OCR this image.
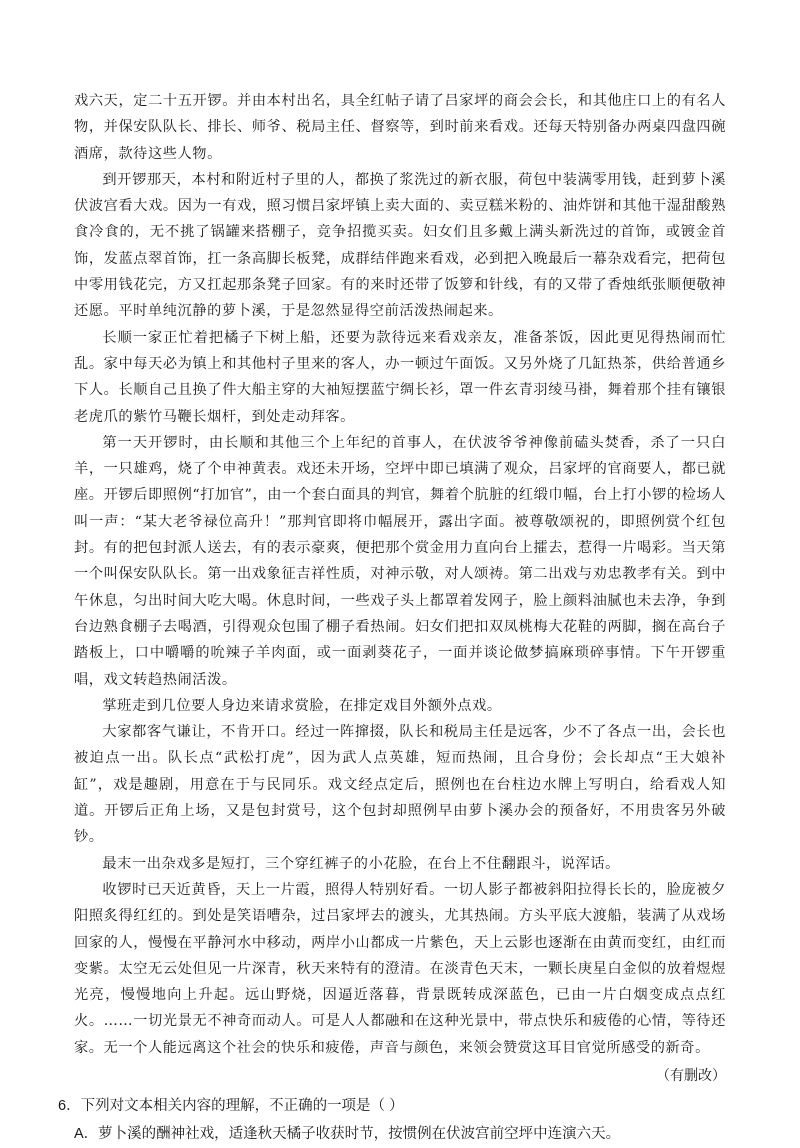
戏六天，定二十五开锣。并由本村出名，具全红帖子请了吕家坪的商会会长，和其他庄口上的有名人物，并保安队队长、排长、师爷、税局主任、督察等，到时前来看戏。还每天特别备办两桌四盘四碗酒席，款待这些人物。

到开锣那天，本村和附近村子里的人，都换了浆洗过的新衣服，荷包中装满零用钱，赶到萝卜溪伏波宫看大戏。因为一有戏，照习惯吕家坪镇上卖大面的、卖豆糕米粉的、油炸饼和其他干湿甜酸熟食冷食的，无不挑了锅罐来搭棚子，竞争招揽买卖。妇女们且多戴上满头新洗过的首饰，或镀金首饰，发蓝点翠首饰，扛一条高脚长板凳，成群结伴跑来看戏，必到把入晚最后一幕杂戏看完，把荷包中零用钱花完，方又扛起那条凳子回家。有的来时还带了饭箩和针线，有的又带了香烛纸张顺便敬神还愿。平时单纯沉静的萝卜溪，于是忽然显得空前活泼热闹起来。

长顺一家正忙着把橘子下树上船，还要为款待远来看戏亲友，准备茶饭，因此更见得热闹而忙乱。家中每天必为镇上和其他村子里来的客人，办一顿过午面饭。又另外烧了几缸热茶，供给普通乡下人。长顺自己且换了件大船主穿的大袖短摆蓝宁绸长衫，罩一件玄青羽绫马褂，舞着那个挂有镶银老虎爪的紫竹马鞭长烟杆，到处走动拜客。

第一天开锣时，由长顺和其他三个上年纪的首事人，在伏波爷爷神像前磕头焚香，杀了一只白羊，一只雄鸡，烧了个申神黄表。戏还未开场，空坪中即已填满了观众，吕家坪的官商要人，都已就座。开锣后即照例“打加官”，由一个套白面具的判官，舞着个肮脏的红缎巾幅，台上打小锣的检场人叫一声：“某大老爷禄位高升！”那判官即将巾幅展开，露出字面。被尊敬颂祝的，即照例赏个红包封。有的把包封派人送去，有的表示豪爽，便把那个赏金用力直向台上攉去，惹得一片喝彩。当天第一个叫保安队队长。第一出戏象征吉祥性质，对神示敬，对人颂祷。第二出戏与劝忠教孝有关。到中午休息，匀出时间大吃大喝。休息时间，一些戏子头上都罩着发网子，脸上颜料油腻也未去净，争到台边熟食棚子去喝酒，引得观众包围了棚子看热闹。妇女们把扣双凤桃梅大花鞋的两脚，搁在高台子踏板上，口中嚼嚼的吮辣子羊肉面，或一面剥葵花子，一面并谈论做梦搞麻琐碎事情。下午开锣重唱，戏文转趋热闹活泼。

掌班走到几位要人身边来请求赏脸，在排定戏目外额外点戏。

大家都客气谦让，不肯开口。经过一阵撺掇，队长和税局主任是远客，少不了各点一出，会长也被迫点一出。队长点“武松打虎”，因为武人点英雄，短而热闹，且合身份；会长却点“王大娘补缸”，戏是趣剧，用意在于与民同乐。戏文经点定后，照例也在台柱边水牌上写明白，给看戏人知道。开锣后正角上场，又是包封赏号，这个包封却照例早由萝卜溪办会的预备好，不用贵客另外破钞。

最末一出杂戏多是短打，三个穿红裤子的小花脸，在台上不住翻跟斗，说浑话。

收锣时已天近黄昏，天上一片霞，照得人特别好看。一切人影子都被斜阳拉得长长的，脸庞被夕阳照炙得红红的。到处是笑语嘈杂，过吕家坪去的渡头，尤其热闹。方头平底大渡船，装满了从戏场回家的人，慢慢在平静河水中移动，两岸小山都成一片紫色，天上云影也逐渐在由黄而变红，由红而变紫。太空无云处但见一片深青，秋天来特有的澄清。在淡青色天末，一颗长庚星白金似的放着煜煜光亮，慢慢地向上升起。远山野烧，因逼近落暮，背景既转成深蓝色，已由一片白烟变成点点红火。……一切光景无不神奇而动人。可是人人都融和在这种光景中，带点快乐和疲倦的心情，等待还家。无一个人能远离这个社会的快乐和疲倦，声音与颜色，来领会赞赏这耳目官觉所感受的新奇。

（有删改）

6．下列对文本相关内容的理解，不正确的一项是（ ）

A．萝卜溪的酬神社戏，适逢秋天橘子收获时节，按惯例在伏波宫前空坪中连演六天。
